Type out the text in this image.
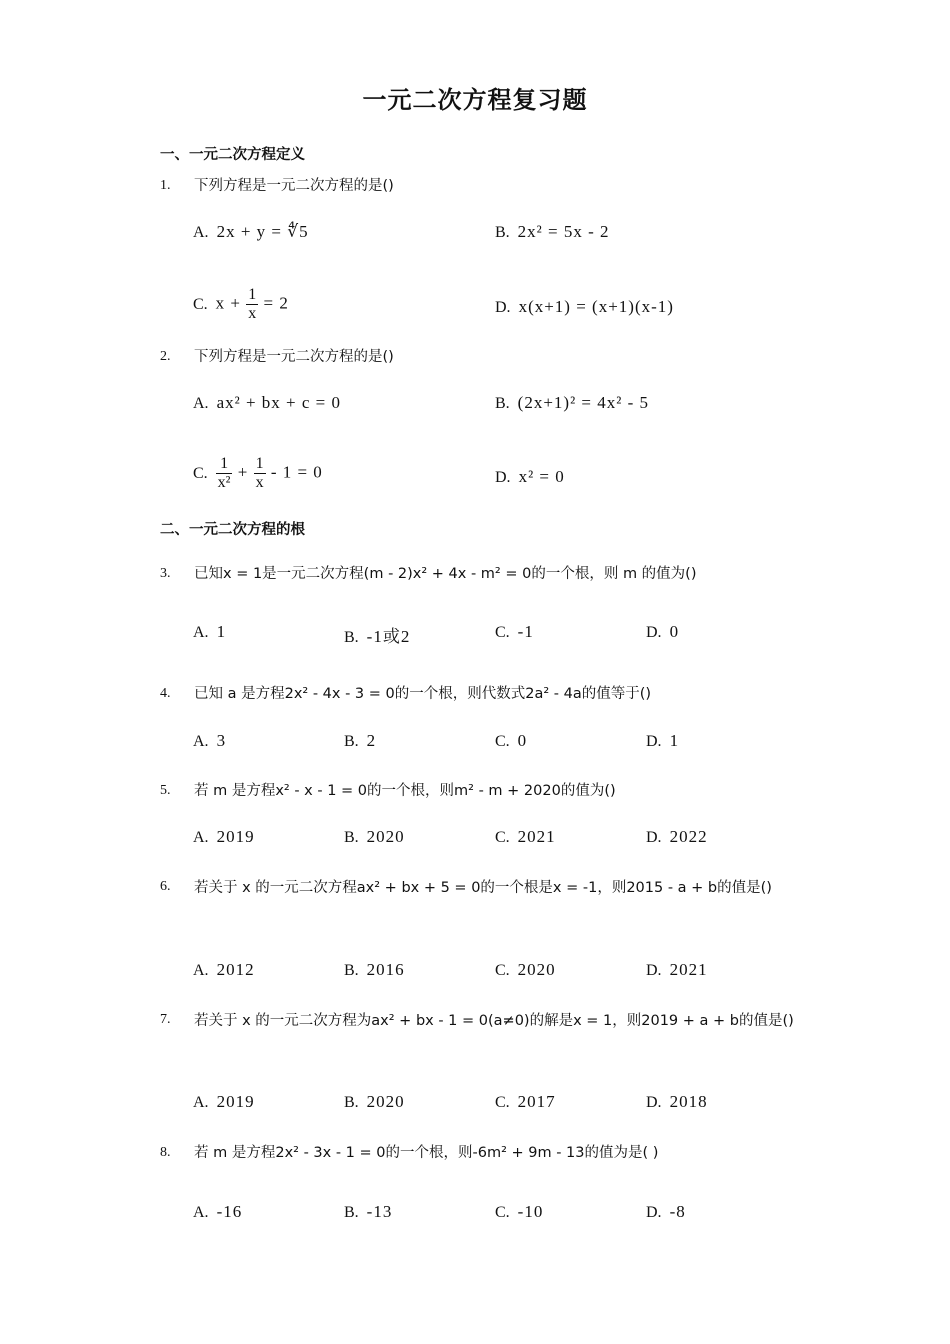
一元二次方程复习题
一、一元二次方程定义
1. 下列方程是一元二次方程的是()
A. 2x + y = ∜5	B. 2x² = 5x - 2
C. $x + \frac{1}{x} = 2$	D. x(x+1) = (x+1)(x-1)
2. 下列方程是一元二次方程的是()
A. ax² + bx + c = 0	B. (2x+1)² = 4x² - 5
C. $\frac{1}{\text{x²}} + \frac{1}{x} - 1 = 0$	D. x² = 0
二、一元二次方程的根
3. 已知x = 1是一元二次方程(m - 2)x² + 4x - m² = 0的一个根，则 m 的值为()
A. 1	B. -1或2	C. -1	D. 0
4. 已知 a 是方程2x² - 4x - 3 = 0的一个根，则代数式2a² - 4a的值等于()
A. 3	B. 2	C. 0	D. 1
5. 若 m 是方程x² - x - 1 = 0的一个根，则m² - m + 2020的值为()
A. 2019	B. 2020	C. 2021	D. 2022
6. 若关于 x 的一元二次方程ax² + bx + 5 = 0的一个根是x = -1，则2015 - a + b的值是()
A. 2012	B. 2016	C. 2020	D. 2021
7. 若关于 x 的一元二次方程为ax² + bx - 1 = 0(a≠0)的解是x = 1，则2019 + a + b的值是()
A. 2019	B. 2020	C. 2017	D. 2018
8. 若 m 是方程2x² - 3x - 1 = 0的一个根，则-6m² + 9m - 13的值为是( )
A. -16	B. -13	C. -10	D. -8
